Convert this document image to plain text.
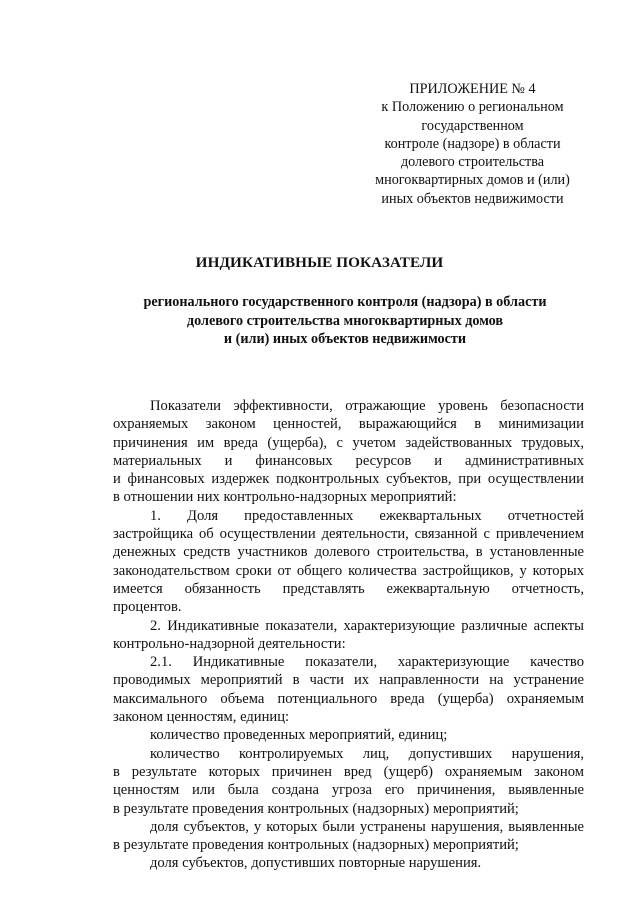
ПРИЛОЖЕНИЕ № 4
к Положению о региональном
государственном
контроле (надзоре) в области
долевого строительства
многоквартирных домов и (или)
иных объектов недвижимости
ИНДИКАТИВНЫЕ ПОКАЗАТЕЛИ
регионального государственного контроля (надзора) в области
долевого строительства многоквартирных домов
и (или) иных объектов недвижимости
Показатели эффективности, отражающие уровень безопасности
охраняемых законом ценностей, выражающийся в минимизации
причинения им вреда (ущерба), с учетом задействованных трудовых,
материальных и финансовых ресурсов и административных
и финансовых издержек подконтрольных субъектов, при осуществлении
в отношении них контрольно-надзорных мероприятий:
1. Доля предоставленных ежеквартальных отчетностей
застройщика об осуществлении деятельности, связанной с привлечением
денежных средств участников долевого строительства, в установленные
законодательством сроки от общего количества застройщиков, у которых
имеется обязанность представлять ежеквартальную отчетность,
процентов.
2. Индикативные показатели, характеризующие различные аспекты
контрольно-надзорной деятельности:
2.1. Индикативные показатели, характеризующие качество
проводимых мероприятий в части их направленности на устранение
максимального объема потенциального вреда (ущерба) охраняемым
законом ценностям, единиц:
количество проведенных мероприятий, единиц;
количество контролируемых лиц, допустивших нарушения,
в результате которых причинен вред (ущерб) охраняемым законом
ценностям или была создана угроза его причинения, выявленные
в результате проведения контрольных (надзорных) мероприятий;
доля субъектов, у которых были устранены нарушения, выявленные
в результате проведения контрольных (надзорных) мероприятий;
доля субъектов, допустивших повторные нарушения.
